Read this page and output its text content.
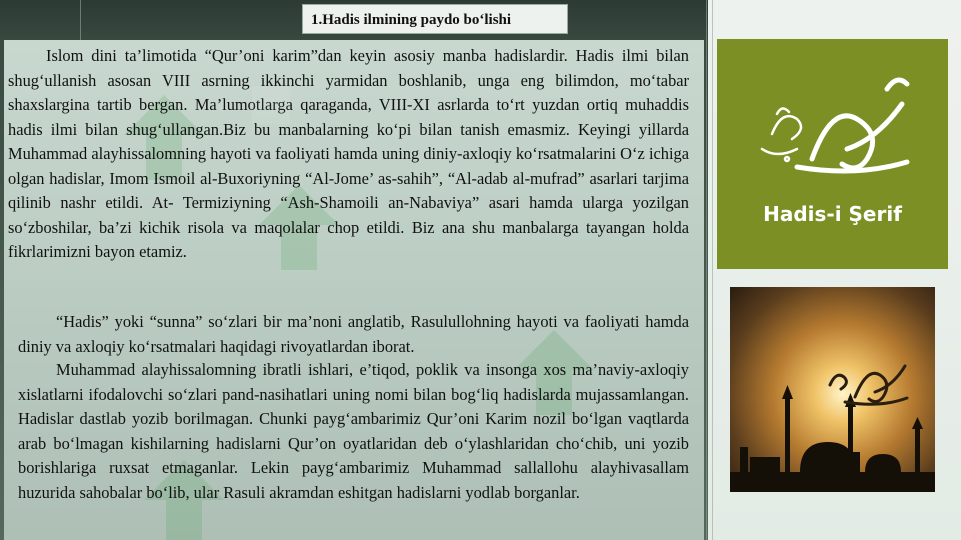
1.Hadis ilmining paydo bo‘lishi

Islom dini ta’limotida “Qur’oni karim”dan keyin asosiy manba hadislardir. Hadis ilmi bilan shug‘ullanish asosan VIII asrning ikkinchi yarmidan boshlanib, unga eng bilimdon, mo‘tabar shaxslargina tartib bergan. Ma’lumotlarga qaraganda, VIII-XI asrlarda to‘rt yuzdan ortiq muhaddis hadis ilmi bilan shug‘ullangan.Biz bu manbalarning ko‘pi bilan tanish emasmiz. Keyingi yillarda Muhammad alayhissalomning hayoti va faoliyati hamda uning diniy-axloqiy ko‘rsatmalarini O‘z ichiga olgan hadislar, Imom Ismoil al-Buxoriyning “Al-Jome’ as-sahih”, “Al-adab al-mufrad” asarlari tarjima qilinib nashr etildi. At- Termiziyning “Ash-Shamoili an-Nabaviya” asari hamda ularga yozilgan so‘zboshilar, ba’zi kichik risola va maqolalar chop etildi. Biz ana shu manbalarga tayangan holda fikrlarimizni bayon etamiz.

“Hadis” yoki “sunna” so‘zlari bir ma’noni anglatib, Rasulullohning hayoti va faoliyati hamda diniy va axloqiy ko‘rsatmalari haqidagi rivoyatlardan iborat.

Muhammad alayhissalomning ibratli ishlari, e’tiqod, poklik va insonga xos ma’naviy-axloqiy xislatlarni ifodalovchi so‘zlari pand-nasihatlari uning nomi bilan bog‘liq hadislarda mujassamlangan. Hadislar dastlab yozib borilmagan. Chunki payg‘ambarimiz Qur’oni Karim nozil bo‘lgan vaqtlarda arab bo‘lmagan kishilarning hadislarni Qur’on oyatlaridan deb o‘ylashlaridan cho‘chib, uni yozib borishlariga ruxsat etmaganlar. Lekin payg‘ambarimiz Muhammad sallallohu alayhivasallam huzurida sahobalar bo‘lib, ular Rasuli akramdan eshitgan hadislarni yodlab borganlar.

Hadis-i Şerif
◆
